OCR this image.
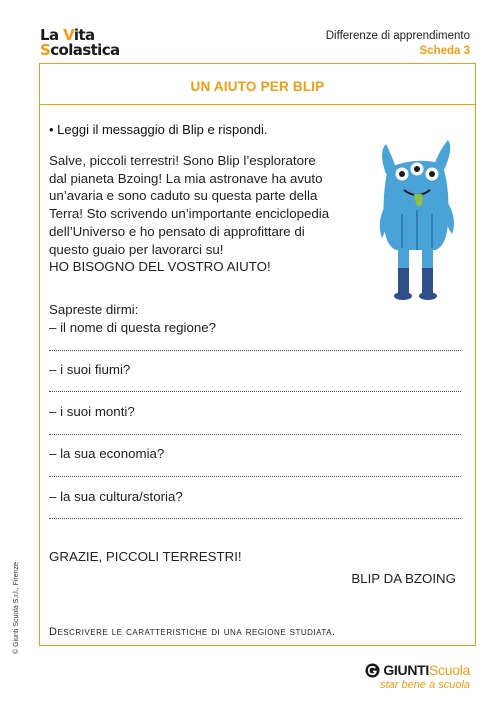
La Vita
Scolastica
Differenze di apprendimento
Scheda 3
UN AIUTO PER BLIP
• Leggi il messaggio di Blip e rispondi.
Salve, piccoli terrestri! Sono Blip l’esploratore
dal pianeta Bzoing! La mia astronave ha avuto
un’avaria e sono caduto su questa parte della
Terra! Sto scrivendo un’importante enciclopedia
dell’Universo e ho pensato di approfittare di
questo guaio per lavorarci su!
HO BISOGNO DEL VOSTRO AIUTO!
Sapreste dirmi:
– il nome di questa regione?
– i suoi fiumi?
– i suoi monti?
– la sua economia?
– la sua cultura/storia?
GRAZIE, PICCOLI TERRESTRI!
BLIP DA BZOING
Descrivere le caratteristiche di una regione studiata.
© Giunti Scuola S.r.l., Firenze
GIUNTIScuola
star bene a scuola
